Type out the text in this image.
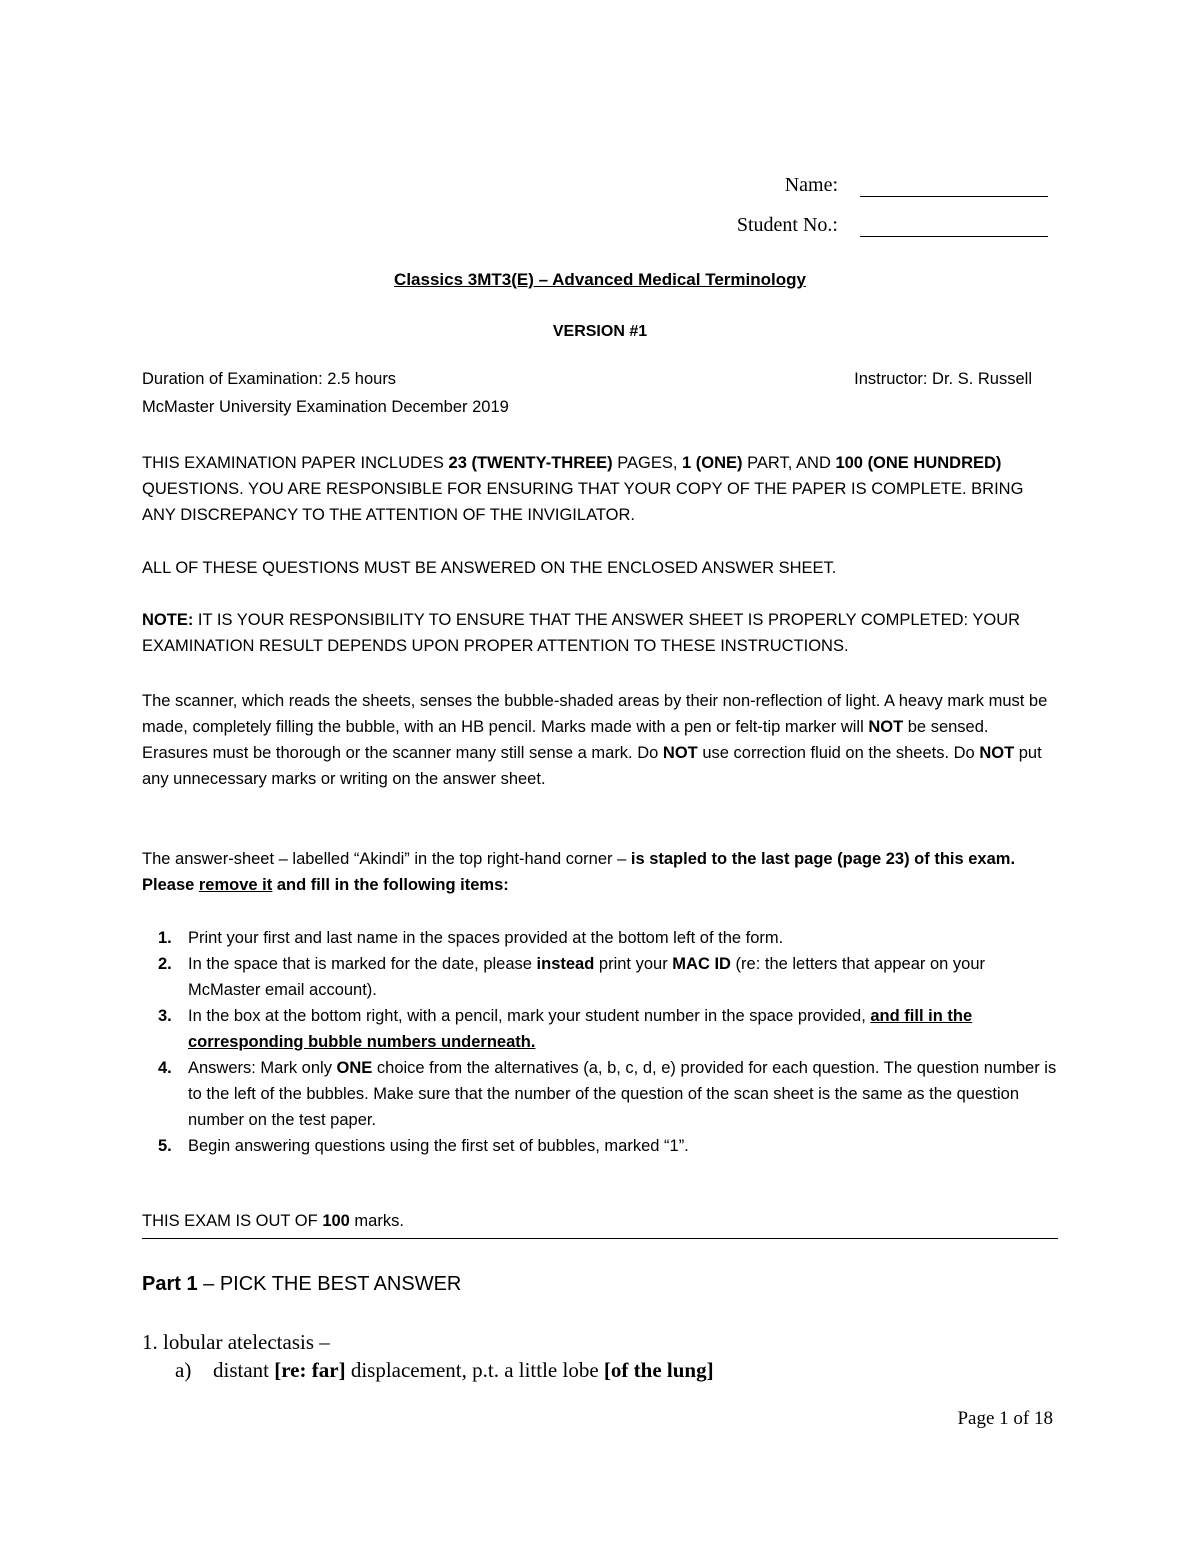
Name:
Student No.:
Classics 3MT3(E) – Advanced Medical Terminology
VERSION #1
Duration of Examination: 2.5 hours	Instructor: Dr. S. Russell
McMaster University Examination December 2019
THIS EXAMINATION PAPER INCLUDES 23 (TWENTY-THREE) PAGES, 1 (ONE) PART, AND 100 (ONE HUNDRED) QUESTIONS. YOU ARE RESPONSIBLE FOR ENSURING THAT YOUR COPY OF THE PAPER IS COMPLETE. BRING ANY DISCREPANCY TO THE ATTENTION OF THE INVIGILATOR.
ALL OF THESE QUESTIONS MUST BE ANSWERED ON THE ENCLOSED ANSWER SHEET.
NOTE: IT IS YOUR RESPONSIBILITY TO ENSURE THAT THE ANSWER SHEET IS PROPERLY COMPLETED: YOUR EXAMINATION RESULT DEPENDS UPON PROPER ATTENTION TO THESE INSTRUCTIONS.
The scanner, which reads the sheets, senses the bubble-shaded areas by their non-reflection of light. A heavy mark must be made, completely filling the bubble, with an HB pencil. Marks made with a pen or felt-tip marker will NOT be sensed. Erasures must be thorough or the scanner many still sense a mark. Do NOT use correction fluid on the sheets. Do NOT put any unnecessary marks or writing on the answer sheet.
The answer-sheet – labelled “Akindi” in the top right-hand corner – is stapled to the last page (page 23) of this exam. Please remove it and fill in the following items:
1. Print your first and last name in the spaces provided at the bottom left of the form.
2. In the space that is marked for the date, please instead print your MAC ID (re: the letters that appear on your McMaster email account).
3. In the box at the bottom right, with a pencil, mark your student number in the space provided, and fill in the corresponding bubble numbers underneath.
4. Answers: Mark only ONE choice from the alternatives (a, b, c, d, e) provided for each question. The question number is to the left of the bubbles. Make sure that the number of the question of the scan sheet is the same as the question number on the test paper.
5. Begin answering questions using the first set of bubbles, marked “1”.
THIS EXAM IS OUT OF 100 marks.
Part 1 – PICK THE BEST ANSWER
1. lobular atelectasis –
a)	distant [re: far] displacement, p.t. a little lobe [of the lung]
Page 1 of 18
